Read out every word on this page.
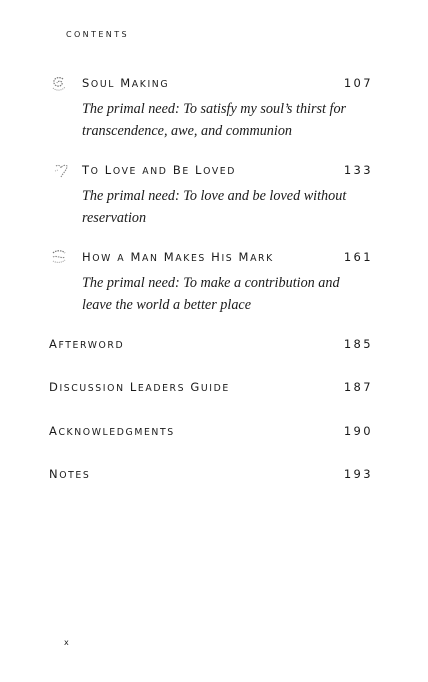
CONTENTS
SOUL MAKING	107
The primal need: To satisfy my soul’s thirst for transcendence, awe, and communion
TO LOVE AND BE LOVED	133
The primal need: To love and be loved without reservation
HOW A MAN MAKES HIS MARK	161
The primal need: To make a contribution and leave the world a better place
AFTERWORD	185
DISCUSSION LEADERS GUIDE	187
ACKNOWLEDGMENTS	190
NOTES	193
x
